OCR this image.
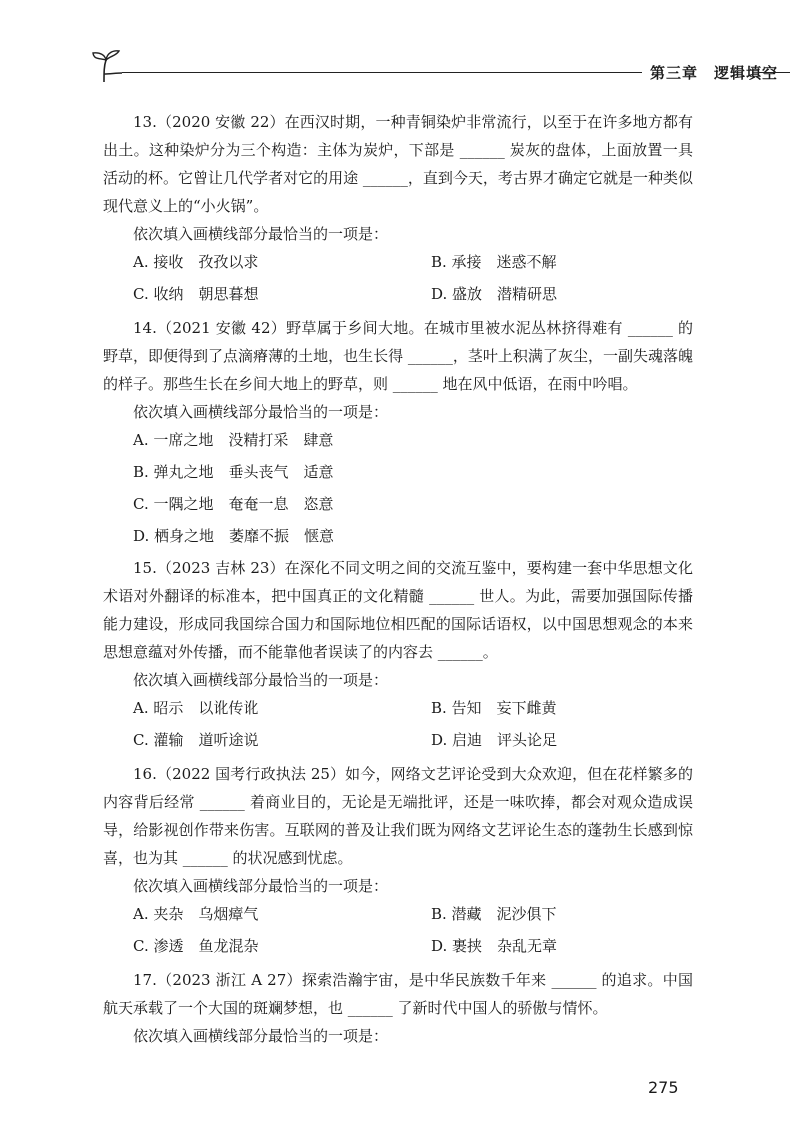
第三章　逻辑填空

13.（2020 安徽 22）在西汉时期，一种青铜染炉非常流行，以至于在许多地方都有出土。这种染炉分为三个构造：主体为炭炉，下部是 ______ 炭灰的盘体，上面放置一具活动的杯。它曾让几代学者对它的用途 ______，直到今天，考古界才确定它就是一种类似现代意义上的“小火锅”。

依次填入画横线部分最恰当的一项是：

A. 接收　孜孜以求	B. 承接　迷惑不解
C. 收纳　朝思暮想	D. 盛放　潜精研思

14.（2021 安徽 42）野草属于乡间大地。在城市里被水泥丛林挤得难有 ______ 的野草，即便得到了点滴瘠薄的土地，也生长得 ______，茎叶上积满了灰尘，一副失魂落魄的样子。那些生长在乡间大地上的野草，则 ______ 地在风中低语，在雨中吟唱。

依次填入画横线部分最恰当的一项是：

A. 一席之地　没精打采　肆意
B. 弹丸之地　垂头丧气　适意
C. 一隅之地　奄奄一息　恣意
D. 栖身之地　萎靡不振　惬意

15.（2023 吉林 23）在深化不同文明之间的交流互鉴中，要构建一套中华思想文化术语对外翻译的标准本，把中国真正的文化精髓 ______ 世人。为此，需要加强国际传播能力建设，形成同我国综合国力和国际地位相匹配的国际话语权，以中国思想观念的本来思想意蕴对外传播，而不能靠他者误读了的内容去 ______。

依次填入画横线部分最恰当的一项是：

A. 昭示　以讹传讹	B. 告知　妄下雌黄
C. 灌输　道听途说	D. 启迪　评头论足

16.（2022 国考行政执法 25）如今，网络文艺评论受到大众欢迎，但在花样繁多的内容背后经常 ______ 着商业目的，无论是无端批评，还是一味吹捧，都会对观众造成误导，给影视创作带来伤害。互联网的普及让我们既为网络文艺评论生态的蓬勃生长感到惊喜，也为其 ______ 的状况感到忧虑。

依次填入画横线部分最恰当的一项是：

A. 夹杂　乌烟瘴气	B. 潜藏　泥沙俱下
C. 渗透　鱼龙混杂	D. 裹挟　杂乱无章

17.（2023 浙江 A 27）探索浩瀚宇宙，是中华民族数千年来 ______ 的追求。中国航天承载了一个大国的斑斓梦想，也 ______ 了新时代中国人的骄傲与情怀。

依次填入画横线部分最恰当的一项是：

275
